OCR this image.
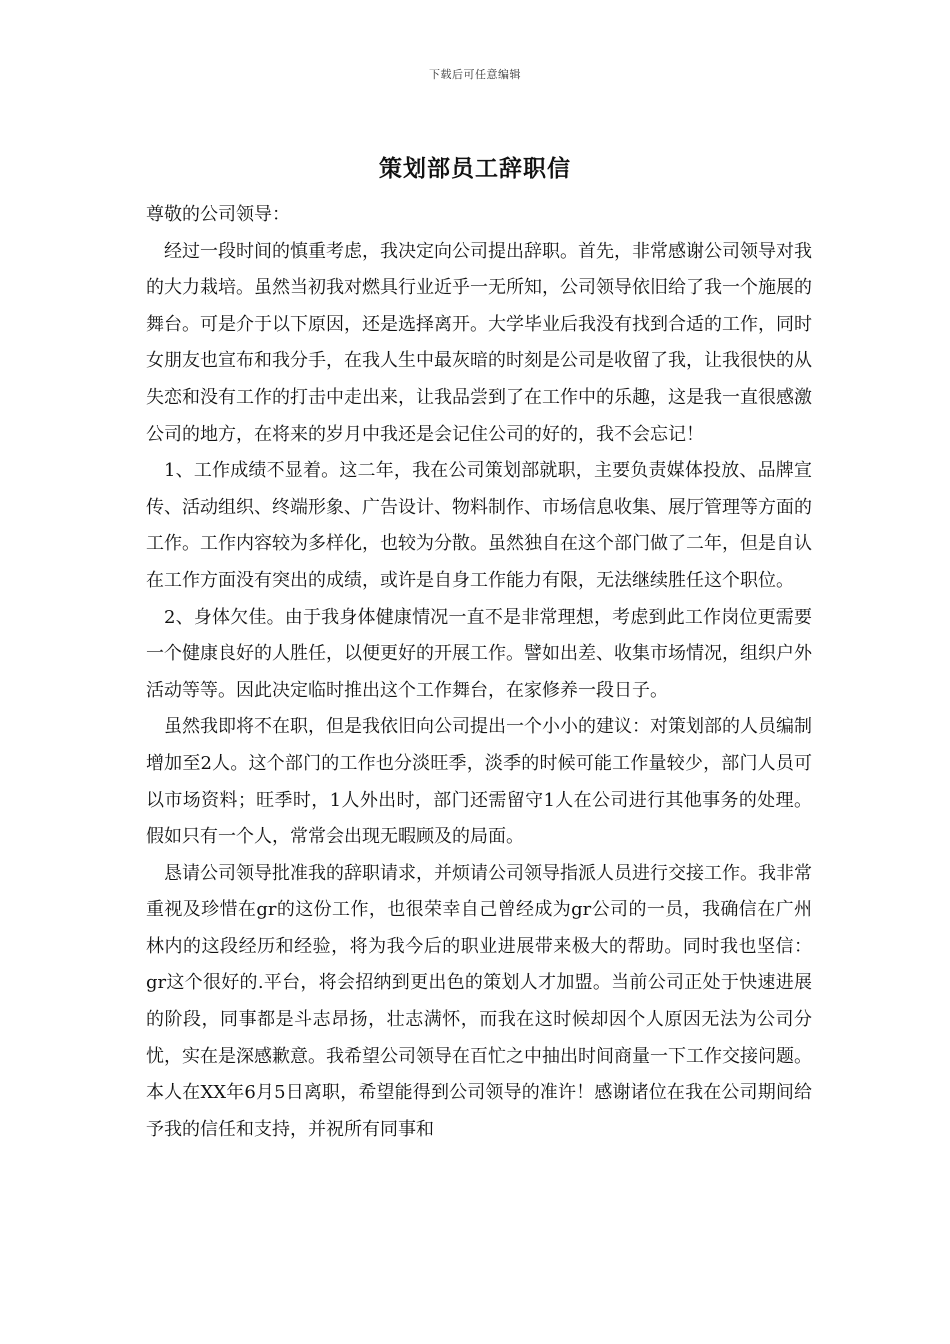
下载后可任意编辑
策划部员工辞职信

尊敬的公司领导：

经过一段时间的慎重考虑，我决定向公司提出辞职。首先，非常感谢公司领导对我的大力栽培。虽然当初我对燃具行业近乎一无所知，公司领导依旧给了我一个施展的舞台。可是介于以下原因，还是选择离开。大学毕业后我没有找到合适的工作，同时女朋友也宣布和我分手，在我人生中最灰暗的时刻是公司是收留了我，让我很快的从失恋和没有工作的打击中走出来，让我品尝到了在工作中的乐趣，这是我一直很感激公司的地方，在将来的岁月中我还是会记住公司的好的，我不会忘记！

1、工作成绩不显着。这二年，我在公司策划部就职，主要负责媒体投放、品牌宣传、活动组织、终端形象、广告设计、物料制作、市场信息收集、展厅管理等方面的工作。工作内容较为多样化，也较为分散。虽然独自在这个部门做了二年，但是自认在工作方面没有突出的成绩，或许是自身工作能力有限，无法继续胜任这个职位。

2、身体欠佳。由于我身体健康情况一直不是非常理想，考虑到此工作岗位更需要一个健康良好的人胜任，以便更好的开展工作。譬如出差、收集市场情况，组织户外活动等等。因此决定临时推出这个工作舞台，在家修养一段日子。

虽然我即将不在职，但是我依旧向公司提出一个小小的建议：对策划部的人员编制增加至2人。这个部门的工作也分淡旺季，淡季的时候可能工作量较少，部门人员可以市场资料；旺季时，1人外出时，部门还需留守1人在公司进行其他事务的处理。假如只有一个人，常常会出现无暇顾及的局面。

恳请公司领导批准我的辞职请求，并烦请公司领导指派人员进行交接工作。我非常重视及珍惜在gr的这份工作，也很荣幸自己曾经成为gr公司的一员，我确信在广州林内的这段经历和经验，将为我今后的职业进展带来极大的帮助。同时我也坚信：gr这个很好的.平台，将会招纳到更出色的策划人才加盟。当前公司正处于快速进展的阶段，同事都是斗志昂扬，壮志满怀，而我在这时候却因个人原因无法为公司分忧，实在是深感歉意。我希望公司领导在百忙之中抽出时间商量一下工作交接问题。本人在XX年6月5日离职，希望能得到公司领导的准许！感谢诸位在我在公司期间给予我的信任和支持，并祝所有同事和
